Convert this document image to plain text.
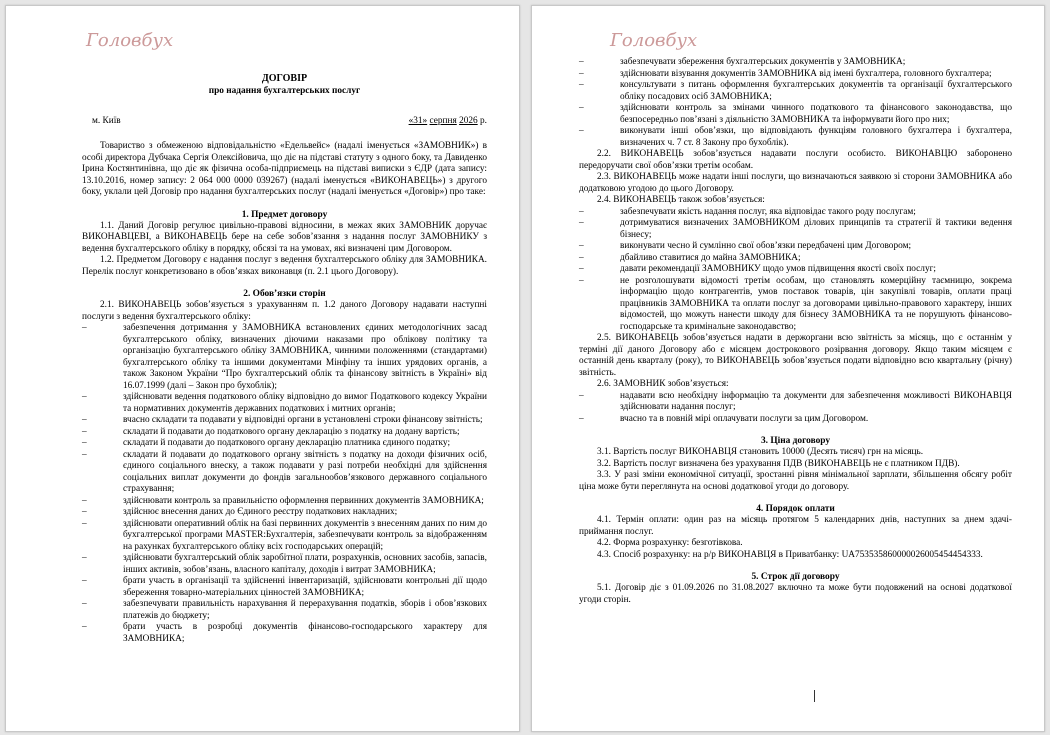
Головбух
ДОГОВІР
про надання бухгалтерських послуг
м. Київ	«31» серпня 2026 р.

Товариство з обмеженою відповідальністю «Едельвейс» (надалі іменується «ЗАМОВНИК») в особі директора Дубчака Сергія Олексійовича, що діє на підставі статуту з одного боку, та Давиденко Ірина Костянтинівна, що діє як фізична особа-підприємець на підставі виписки з ЄДР (дата запису: 13.10.2016, номер запису: 2 064 000 0000 039267) (надалі іменується «ВИКОНАВЕЦЬ») з другого боку, уклали цей Договір про надання бухгалтерських послуг (надалі іменується «Договір») про таке:

1. Предмет договору

1.1. Даний Договір регулює цивільно-правові відносини, в межах яких ЗАМОВНИК доручає ВИКОНАВЦЕВІ, а ВИКОНАВЕЦЬ бере на себе зобов’язання з надання послуг ЗАМОВНИКУ з ведення бухгалтерського обліку в порядку, обсязі та на умовах, які визначені цим Договором.

1.2. Предметом Договору є надання послуг з ведення бухгалтерського обліку для ЗАМОВНИКА. Перелік послуг конкретизовано в обов’язках виконавця (п. 2.1 цього Договору).

2. Обов’язки сторін

2.1. ВИКОНАВЕЦЬ зобов’язується з урахуванням п. 1.2 даного Договору надавати наступні послуги з ведення бухгалтерського обліку:

– забезпечення дотримання у ЗАМОВНИКА встановлених єдиних методологічних засад бухгалтерського обліку, визначених діючими наказами про облікову політику та організацію бухгалтерського обліку ЗАМОВНИКА, чинними положеннями (стандартами) бухгалтерського обліку та іншими документами Мінфіну та інших урядових органів, а також Законом України “Про бухгалтерський облік та фінансову звітність в Україні» від 16.07.1999 (далі – Закон про бухоблік);
– здійснювати ведення податкового обліку відповідно до вимог Податкового кодексу України та нормативних документів державних податкових і митних органів;
– вчасно складати та подавати у відповідні органи в установлені строки фінансову звітність;
– складати й подавати до податкового органу декларацію з податку на додану вартість;
– складати й подавати до податкового органу декларацію платника єдиного податку;
– складати й подавати до податкового органу звітність з податку на доходи фізичних осіб, єдиного соціального внеску, а також подавати у разі потреби необхідні для здійснення соціальних виплат документи до фондів загальнообов’язкового державного соціального страхування;
– здійснювати контроль за правильністю оформлення первинних документів ЗАМОВНИКА;
– здійснює внесення даних до Єдиного реєстру податкових накладних;
– здійснювати оперативний облік на базі первинних документів з внесенням даних по ним до бухгалтерської програми MASTER:Бухгалтерія, забезпечувати контроль за відображенням на рахунках бухгалтерського обліку всіх господарських операцій;
– здійснювати бухгалтерський облік заробітної плати, розрахунків, основних засобів, запасів, інших активів, зобов’язань, власного капіталу, доходів і витрат ЗАМОВНИКА;
– брати участь в організації та здійсненні інвентаризацій, здійснювати контрольні дії щодо збереження товарно-матеріальних цінностей ЗАМОВНИКА;
– забезпечувати правильність нарахування й перерахування податків, зборів і обов’язкових платежів до бюджету;
– брати участь в розробці документів фінансово-господарського характеру для ЗАМОВНИКА;
Головбух
– забезпечувати збереження бухгалтерських документів у ЗАМОВНИКА;
– здійснювати візування документів ЗАМОВНИКА від імені бухгалтера, головного бухгалтера;
– консультувати з питань оформлення бухгалтерських документів та організації бухгалтерського обліку посадових осіб ЗАМОВНИКА;
– здійснювати контроль за змінами чинного податкового та фінансового законодавства, що безпосередньо пов’язані з діяльністю ЗАМОВНИКА та інформувати його про них;
– виконувати інші обов’язки, що відповідають функціям головного бухгалтера і бухгалтера, визначених ч. 7 ст. 8 Закону про бухоблік).

2.2. ВИКОНАВЕЦЬ зобов’язується надавати послуги особисто. ВИКОНАВЦЮ заборонено передоручати свої обов’язки третім особам.

2.3. ВИКОНАВЕЦЬ може надати інші послуги, що визначаються заявкою зі сторони ЗАМОВНИКА або додатковою угодою до цього Договору.

2.4. ВИКОНАВЕЦЬ також зобов’язується:

– забезпечувати якість надання послуг, яка відповідає такого роду послугам;
– дотримуватися визначених ЗАМОВНИКОМ ділових принципів та стратегії й тактики ведення бізнесу;
– виконувати чесно й сумлінно свої обов’язки передбачені цим Договором;
– дбайливо ставитися до майна ЗАМОВНИКА;
– давати рекомендації ЗАМОВНИКУ щодо умов підвищення якості своїх послуг;
– не розголошувати відомості третім особам, що становлять комерційну таємницю, зокрема інформацію щодо контрагентів, умов поставок товарів, цін закупівлі товарів, оплати праці працівників ЗАМОВНИКА та оплати послуг за договорами цивільно-правового характеру, інших відомостей, що можуть нанести шкоду для бізнесу ЗАМОВНИКА та не порушують фінансово-господарське та кримінальне законодавство;

2.5. ВИКОНАВЕЦЬ зобов’язується надати в держоргани всю звітність за місяць, що є останнім у терміні дії даного Договору або є місяцем дострокового розірвання договору. Якщо таким місяцем є останній день кварталу (року), то ВИКОНАВЕЦЬ зобов’язується подати відповідно всю квартальну (річну) звітність.

2.6. ЗАМОВНИК зобов’язується:

– надавати всю необхідну інформацію та документи для забезпечення можливості ВИКОНАВЦЯ здійснювати надання послуг;
– вчасно та в повній мірі оплачувати послуги за цим Договором.
3. Ціна договору

3.1. Вартість послуг ВИКОНАВЦЯ становить 10000 (Десять тисяч) грн на місяць.

3.2. Вартість послуг визначена без урахування ПДВ (ВИКОНАВЕЦЬ не є платником ПДВ).

3.3. У разі зміни економічної ситуації, зростанні рівня мінімальної зарплати, збільшення обсягу робіт ціна може бути переглянута на основі додаткової угоди до договору.

4. Порядок оплати

4.1. Термін оплати: один раз на місяць протягом 5 календарних днів, наступних за днем здачі-приймання послуг.

4.2. Форма розрахунку: безготівкова.

4.3. Спосіб розрахунку: на р/р ВИКОНАВЦЯ в Приватбанку: UA753535860000026005454454333.

5. Строк дії договору

5.1. Договір діє з 01.09.2026 по 31.08.2027 включно та може бути подовжений на основі додаткової угоди сторін.
